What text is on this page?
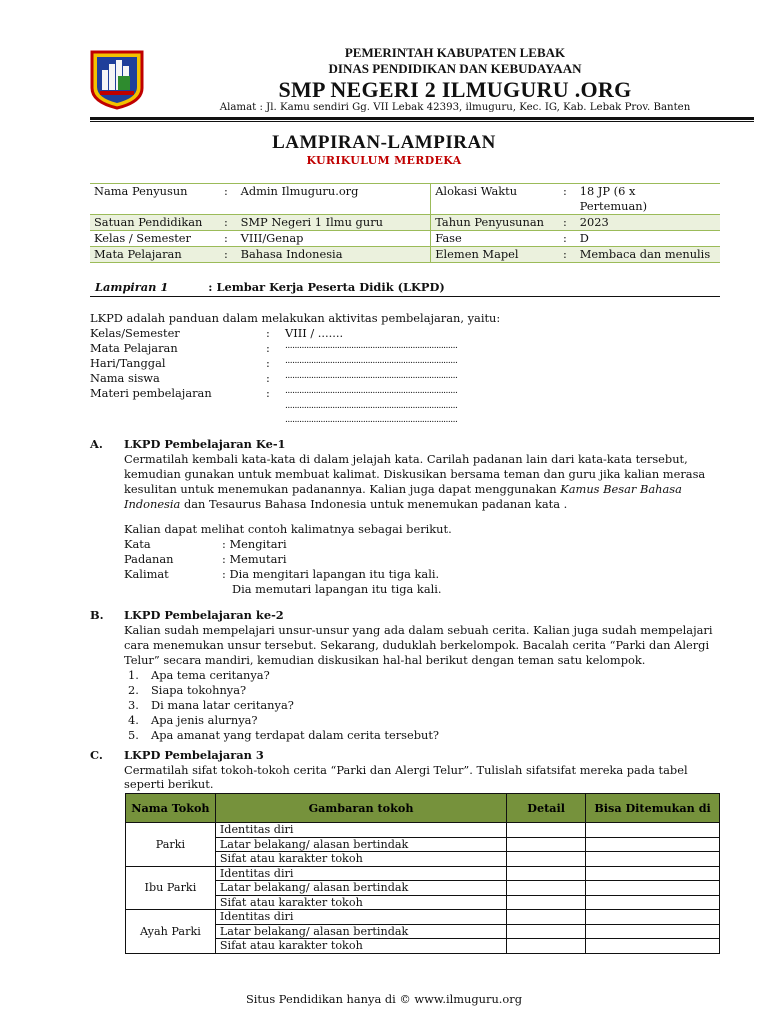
PEMERINTAH KABUPATEN LEBAK
DINAS PENDIDIKAN DAN KEBUDAYAAN
SMP NEGERI 2 ILMUGURU .ORG
Alamat : Jl. Kamu sendiri Gg. VII Lebak 42393, ilmuguru, Kec. IG, Kab. Lebak Prov. Banten
LAMPIRAN-LAMPIRAN
KURIKULUM MERDEKA
Nama Penyusun	:	Admin Ilmuguru.org	Alokasi Waktu	:	18 JP (6 x
Pertemuan)
Satuan Pendidikan	:	SMP Negeri 1 Ilmu guru	Tahun Penyusunan	:	2023
Kelas / Semester	:	VIII/Genap	Fase	:	D
Mata Pelajaran	:	Bahasa Indonesia	Elemen Mapel	:	Membaca dan menulis
Lampiran 1	: Lembar Kerja Peserta Didik (LKPD)
LKPD adalah panduan dalam melakukan aktivitas pembelajaran, yaitu:
Kelas/Semester	: VIII / .......
Mata Pelajaran	: .........................................................................
Hari/Tanggal	: .........................................................................
Nama siswa	: .........................................................................
Materi pembelajaran	: .........................................................................
.........................................................................
.........................................................................
A. LKPD Pembelajaran Ke-1
Cermatilah kembali kata-kata di dalam jelajah kata. Carilah padanan lain dari kata-kata tersebut,
kemudian gunakan untuk membuat kalimat. Diskusikan bersama teman dan guru jika kalian merasa
kesulitan untuk menemukan padanannya. Kalian juga dapat menggunakan Kamus Besar Bahasa
Indonesia dan Tesaurus Bahasa Indonesia untuk menemukan padanan kata .
Kalian dapat melihat contoh kalimatnya sebagai berikut.
Kata	: Mengitari
Padanan	: Memutari
Kalimat	: Dia mengitari lapangan itu tiga kali.
Dia memutari lapangan itu tiga kali.
B. LKPD Pembelajaran ke-2
Kalian sudah mempelajari unsur-unsur yang ada dalam sebuah cerita. Kalian juga sudah mempelajari
cara menemukan unsur tersebut. Sekarang, duduklah berkelompok. Bacalah cerita “Parki dan Alergi
Telur” secara mandiri, kemudian diskusikan hal-hal berikut dengan teman satu kelompok.
1. Apa tema ceritanya?
2. Siapa tokohnya?
3. Di mana latar ceritanya?
4. Apa jenis alurnya?
5. Apa amanat yang terdapat dalam cerita tersebut?
C. LKPD Pembelajaran 3
Cermatilah sifat tokoh-tokoh cerita “Parki dan Alergi Telur”. Tulislah sifatsifat mereka pada tabel
seperti berikut.
Nama Tokoh	Gambaran tokoh	Detail	Bisa Ditemukan di
Parki	Identitas diri		
	Latar belakang/ alasan bertindak		
	Sifat atau karakter tokoh		
Ibu Parki	Identitas diri		
	Latar belakang/ alasan bertindak		
	Sifat atau karakter tokoh		
Ayah Parki	Identitas diri		
	Latar belakang/ alasan bertindak		
	Sifat atau karakter tokoh		
Situs Pendidikan hanya di © www.ilmuguru.org
